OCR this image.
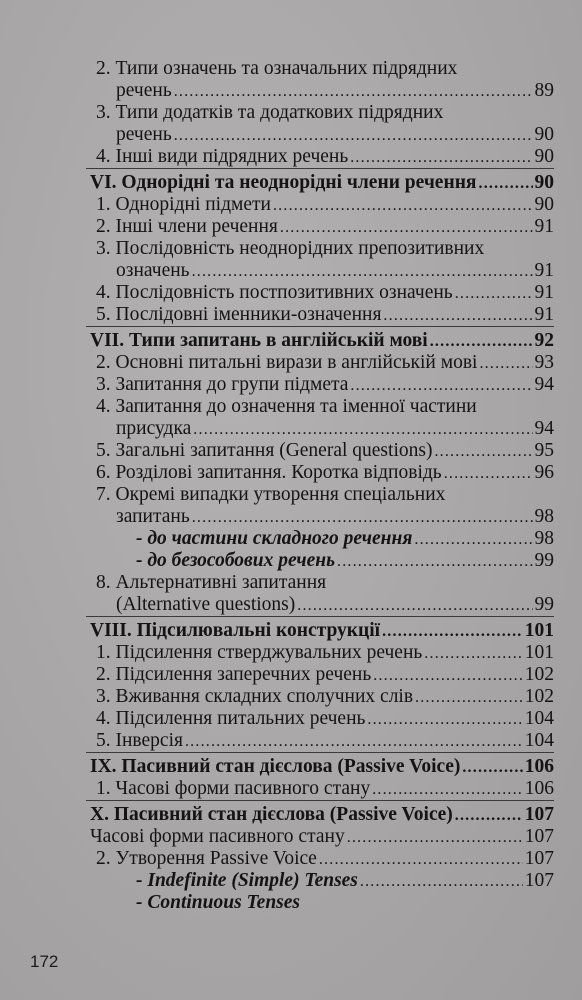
2. Типи означень та означальних підрядних
речень .....	89
3. Типи додатків та додаткових підрядних
речень .....	90
4. Інші види підрядних речень .....	90
VI. Однорідні та неоднорідні члени речення .....	90
1. Однорідні підмети .....	90
2. Інші члени речення .....	91
3. Послідовність неоднорідних препозитивних
означень .....	91
4. Послідовність постпозитивних означень .....	91
5. Послідовні іменники-означення .....	91
VII. Типи запитань в англійській мові .....	92
2. Основні питальні вирази в англійській мові .....	93
3. Запитання до групи підмета .....	94
4. Запитання до означення та іменної частини
присудка .....	94
5. Загальні запитання (General questions) .....	95
6. Розділові запитання. Коротка відповідь .....	96
7. Окремі випадки утворення спеціальних
запитань .....	98
- до частини складного речення .....	98
- до безособових речень .....	99
8. Альтернативні запитання
(Alternative questions) .....	99
VIII. Підсилювальні конструкції .....	101
1. Підсилення стверджувальних речень .....	101
2. Підсилення заперечних речень .....	102
3. Вживання складних сполучних слів .....	102
4. Підсилення питальних речень .....	104
5. Інверсія .....	104
IX. Пасивний стан дієслова (Passive Voice) .....	106
1. Часові форми пасивного стану .....	106
X. Пасивний стан дієслова (Passive Voice) .....	107
Часові форми пасивного стану .....	107
2. Утворення Passive Voice .....	107
- Indefinite (Simple) Tenses .....	107
- Continuous Tenses
172
